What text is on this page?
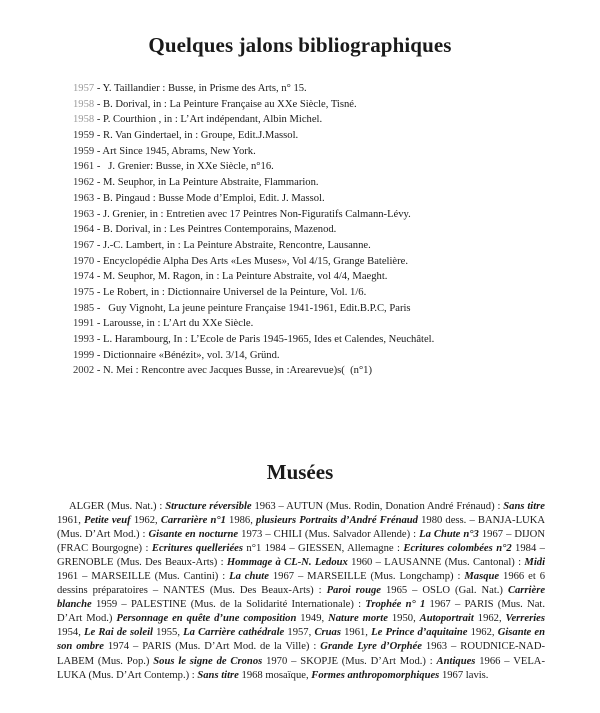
Quelques jalons bibliographiques
1957 - Y. Taillandier : Busse, in Prisme des Arts, n° 15.
1958 - B. Dorival, in : La Peinture Française au XXe Siècle, Tisné.
1958 - P. Courthion , in : L’Art indépendant, Albin Michel.
1959 - R. Van Gindertael, in : Groupe, Edit.J.Massol.
1959 - Art Since 1945, Abrams, New York.
1961 -   J. Grenier: Busse, in XXe Siècle, n°16.
1962 - M. Seuphor, in La Peinture Abstraite, Flammarion.
1963 - B. Pingaud : Busse Mode d’Emploi, Edit. J. Massol.
1963 - J. Grenier, in : Entretien avec 17 Peintres Non-Figuratifs Calmann-Lévy.
1964 - B. Dorival, in : Les Peintres Contemporains, Mazenod.
1967 - J.-C. Lambert, in : La Peinture Abstraite, Rencontre, Lausanne.
1970 - Encyclopédie Alpha Des Arts «Les Muses», Vol 4/15, Grange Batelière.
1974 - M. Seuphor, M. Ragon, in : La Peinture Abstraite, vol 4/4, Maeght.
1975 - Le Robert, in : Dictionnaire Universel de la Peinture, Vol. 1/6.
1985 -   Guy Vignoht, La jeune peinture Française 1941-1961, Edit.B.P.C, Paris
1991 - Larousse, in : L’Art du XXe Siècle.
1993 - L. Harambourg, In : L’Ecole de Paris 1945-1965, Ides et Calendes, Neuchâtel.
1999 - Dictionnaire «Bénézit», vol. 3/14, Gründ.
2002 - N. Mei : Rencontre avec Jacques Busse, in :Arearevue)s(  (n°1)
Musées

ALGER (Mus. Nat.) : Structure réversible 1963 – AUTUN (Mus. Rodin, Donation André Frénaud) : Sans titre 1961, Petite veuf 1962, Carrarière n°1 1986, plusieurs Portraits d’André Frénaud 1980 dess. – BANJA-LUKA (Mus. D’Art Mod.) : Gisante en nocturne 1973 – CHILI (Mus. Salvador Allende) : La Chute n°3 1967 – DIJON (FRAC Bourgogne) : Ecritures quelleriées n°1 1984 – GIESSEN, Allemagne : Ecritures colombées n°2 1984 – GRENOBLE (Mus. Des Beaux-Arts) : Hommage à CL-N. Ledoux 1960 – LAUSANNE (Mus. Cantonal) : Midi 1961 – MARSEILLE (Mus. Cantini) : La chute 1967 – MARSEILLE (Mus. Longchamp) : Masque 1966 et 6 dessins préparatoires – NANTES (Mus. Des Beaux-Arts) : Paroi rouge 1965 – OSLO (Gal. Nat.) Carrière blanche 1959 – PALESTINE (Mus. de la Solidarité Internationale) : Trophée n° 1 1967 – PARIS (Mus. Nat. D’Art Mod.) Personnage en quête d’une composition 1949, Nature morte 1950, Autoportrait 1962, Verreries 1954, Le Rai de soleil 1955, La Carrière cathédrale 1957, Cruas 1961, Le Prince d’aquitaine 1962, Gisante en son ombre 1974 – PARIS (Mus. D’Art Mod. de la Ville) : Grande Lyre d’Orphée 1963 – ROUDNICE-NAD-LABEM (Mus. Pop.) Sous le signe de Cronos 1970 – SKOPJE (Mus. D’Art Mod.) : Antiques 1966 – VELA-LUKA (Mus. D’Art Contemp.) : Sans titre 1968 mosaïque, Formes anthropomorphiques 1967 lavis.
